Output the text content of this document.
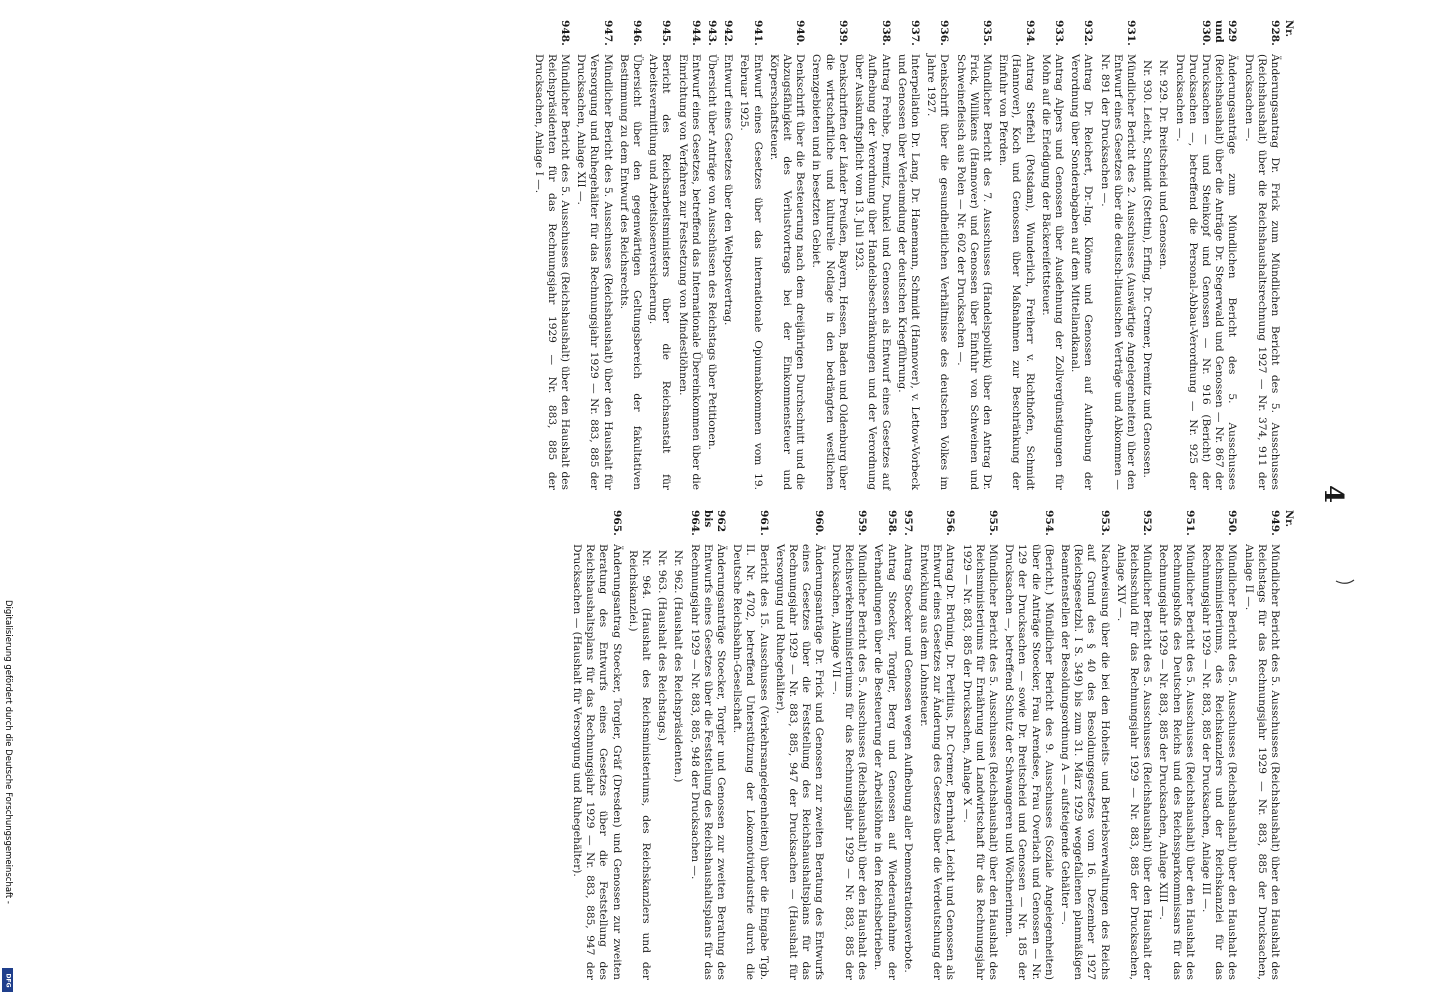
Digitalisierung gefördert durch die Deutsche Forschungsgemeinschaft -
DFG
4
Nr.
928.
Änderungsantrag Dr. Frick zum Mündlichen Bericht des 5. Ausschusses (Reichshaushalt) über die Reichshaushaltsrechnung 1927 — Nr. 374, 911 der Drucksachen —.
929 und 930.
Änderungsanträge zum Mündlichen Bericht des 5. Ausschusses (Reichshaushalt) über die Anträge Dr. Stegerwald und Genossen — Nr. 867 der Drucksachen — und Steinkopf und Genossen — Nr. 916 (Bericht) der Drucksachen —, betreffend die Personal-Abbau-Verordnung — Nr. 925 der Drucksachen —.
Nr. 929. Dr. Breitscheid und Genossen.
Nr. 930. Leicht, Schmidt (Stettin), Erfing, Dr. Cremer, Dremitz und Genossen.
931.
Mündlicher Bericht des 2. Ausschusses (Auswärtige Angelegenheiten) über den Entwurf eines Gesetzes über die deutsch-litauischen Verträge und Abkommen — Nr. 891 der Drucksachen —.
932.
Antrag Dr. Reichert, Dr.-Ing. Klönne und Genossen auf Aufhebung der Verordnung über Sonderabgaben auf dem Mittellandkanal.
933.
Antrag Alpers und Genossen über Ausdehnung der Zollvergünstigungen für Mohn auf die Erledigung der Bäckereifettsteuer.
934.
Antrag Steffehl (Potsdam), Wunderlich, Freiherr v. Richthofen, Schmidt (Hannover), Koch und Genossen über Maßnahmen zur Beschränkung der Einfuhr von Pferden.
935.
Mündlicher Bericht des 7. Ausschusses (Handelspolitik) über den Antrag Dr. Frick, Willikens (Hannover) und Genossen über Einfuhr von Schweinen und Schweinefleisch aus Polen — Nr. 602 der Drucksachen —.
936.
Denkschrift über die gesundheitlichen Verhältnisse des deutschen Volkes im Jahre 1927.
937.
Interpellation Dr. Lang, Dr. Hanemann, Schmidt (Hannover), v. Lettow-Vorbeck und Genossen über Verleumdung der deutschen Kriegführung.
938.
Antrag Frehbe, Dremitz, Dunkel und Genossen als Entwurf eines Gesetzes auf Aufhebung der Verordnung über Handelsbeschränkungen und der Verordnung über Auskunftspflicht vom 13. Juli 1923.
939.
Denkschriften der Länder Preußen, Bayern, Hessen, Baden und Oldenburg über die wirtschaftliche und kulturelle Notlage in den bedrängten westlichen Grenzgebieten und in besetzten Gebiet.
940.
Denkschrift über die Besteuerung nach dem dreijährigen Durchschnitt und die Abzugsfähigkeit des Verlustvortrags bei der Einkommensteuer und Körperschaftsteuer.
941.
Entwurf eines Gesetzes über das internationale Opiumabkommen vom 19. Februar 1925.
942.
Entwurf eines Gesetzes über den Weltpostvertrag.
943.
Übersicht über Anträge von Ausschüssen des Reichstags über Petitionen.
944.
Entwurf eines Gesetzes, betreffend das Internationale Übereinkommen über die Einrichtung von Verfahren zur Festsetzung von Mindestlöhnen.
945.
Bericht des Reichsarbeitsministers über die Reichsanstalt für Arbeitsvermittlung und Arbeitslosenversicherung.
946.
Übersicht über den gegenwärtigen Geltungsbereich der fakultativen Bestimmung zu dem Entwurf des Reichsrechts.
947.
Mündlicher Bericht des 5. Ausschusses (Reichshaushalt) über den Haushalt für Versorgung und Ruhegehälter für das Rechnungsjahr 1929 — Nr. 883, 885 der Drucksachen, Anlage XII —.
948.
Mündlicher Bericht des 5. Ausschusses (Reichshaushalt) über den Haushalt des Reichspräsidenten für das Rechnungsjahr 1929 — Nr. 883, 885 der Drucksachen, Anlage I —.
Nr.
949.
Mündlicher Bericht des 5. Ausschusses (Reichshaushalt) über den Haushalt des Reichstags für das Rechnungsjahr 1929 — Nr. 883, 885 der Drucksachen, Anlage II —.
950.
Mündlicher Bericht des 5. Ausschusses (Reichshaushalt) über den Haushalt des Reichsministeriums, des Reichskanzlers und der Reichskanzlei für das Rechnungsjahr 1929 — Nr. 883, 885 der Drucksachen, Anlage III —.
951.
Mündlicher Bericht des 5. Ausschusses (Reichshaushalt) über den Haushalt des Rechnungshofs des Deutschen Reichs und des Reichssparkommissars für das Rechnungsjahr 1929 — Nr. 883, 885 der Drucksachen, Anlage XIII —.
952.
Mündlicher Bericht des 5. Ausschusses (Reichshaushalt) über den Haushalt der Reichsschuld für das Rechnungsjahr 1929 — Nr. 883, 885 der Drucksachen, Anlage XIV —.
953.
Nachweisung über die bei den Hoheits- und Betriebsverwaltungen des Reichs auf Grund des § 40 des Besoldungsgesetzes vom 16. Dezember 1927 (Reichsgesetzbl. I S. 349) bis zum 31. März 1929 weggefallenen planmäßigen Beamtenstellen der Besoldungsordnung A — aufsteigende Gehälter —.
954.
(Bericht.) Mündlicher Bericht des 9. Ausschusses (Soziale Angelegenheiten) über die Anträge Stoecker, Frau Arendsee, Frau Overlach und Genossen — Nr. 129 der Drucksachen — sowie Dr. Breitscheid und Genossen — Nr. 185 der Drucksachen —, betreffend Schutz der Schwangeren und Wöchnerinnen.
955.
Mündlicher Bericht des 5. Ausschusses (Reichshaushalt) über den Haushalt des Reichsministeriums für Ernährung und Landwirtschaft für das Rechnungsjahr 1929 — Nr. 883, 885 der Drucksachen, Anlage X —.
956.
Antrag Dr. Brüning, Dr. Perlitius, Dr. Cremer, Bernhard, Leicht und Genossen als Entwurf eines Gesetzes zur Änderung des Gesetzes über die Verdeutschung der Entwicklung aus dem Lohnsteuer.
957.
Antrag Stoecker und Genossen wegen Aufhebung aller Demonstrationsverbote.
958.
Antrag Stoecker, Torgler, Berg und Genossen auf Wiederaufnahme der Verhandlungen über die Besteuerung der Arbeitslöhne in den Reichsbetrieben.
959.
Mündlicher Bericht des 5. Ausschusses (Reichshaushalt) über den Haushalt des Reichsverkehrsministeriums für das Rechnungsjahr 1929 — Nr. 883, 885 der Drucksachen, Anlage VII —.
960.
Änderungsanträge Dr. Frick und Genossen zur zweiten Beratung des Entwurfs eines Gesetzes über die Feststellung des Reichshaushaltsplans für das Rechnungsjahr 1929 — Nr. 883, 885, 947 der Drucksachen — (Haushalt für Versorgung und Ruhegehälter).
961.
Bericht des 15. Ausschusses (Verkehrsangelegenheiten) über die Eingabe Tgb. II. Nr. 4702, betreffend Unterstützung der Lokomotivindustrie durch die Deutsche Reichsbahn-Gesellschaft.
962 bis 964.
Änderungsanträge Stoecker, Torgler und Genossen zur zweiten Beratung des Entwurfs eines Gesetzes über die Feststellung des Reichshaushaltsplans für das Rechnungsjahr 1929 — Nr. 883, 885, 948 der Drucksachen —.
Nr. 962. (Haushalt des Reichspräsidenten.)
Nr. 963. (Haushalt des Reichstags.)
Nr. 964. (Haushalt des Reichsministeriums, des Reichskanzlers und der Reichskanzlei.)
965.
Änderungsantrag Stoecker, Torgler, Gräf (Dresden) und Genossen zur zweiten Beratung des Entwurfs eines Gesetzes über die Feststellung des Reichshaushaltsplans für das Rechnungsjahr 1929 — Nr. 883, 885, 947 der Drucksachen — (Haushalt für Versorgung und Ruhegehälter).
